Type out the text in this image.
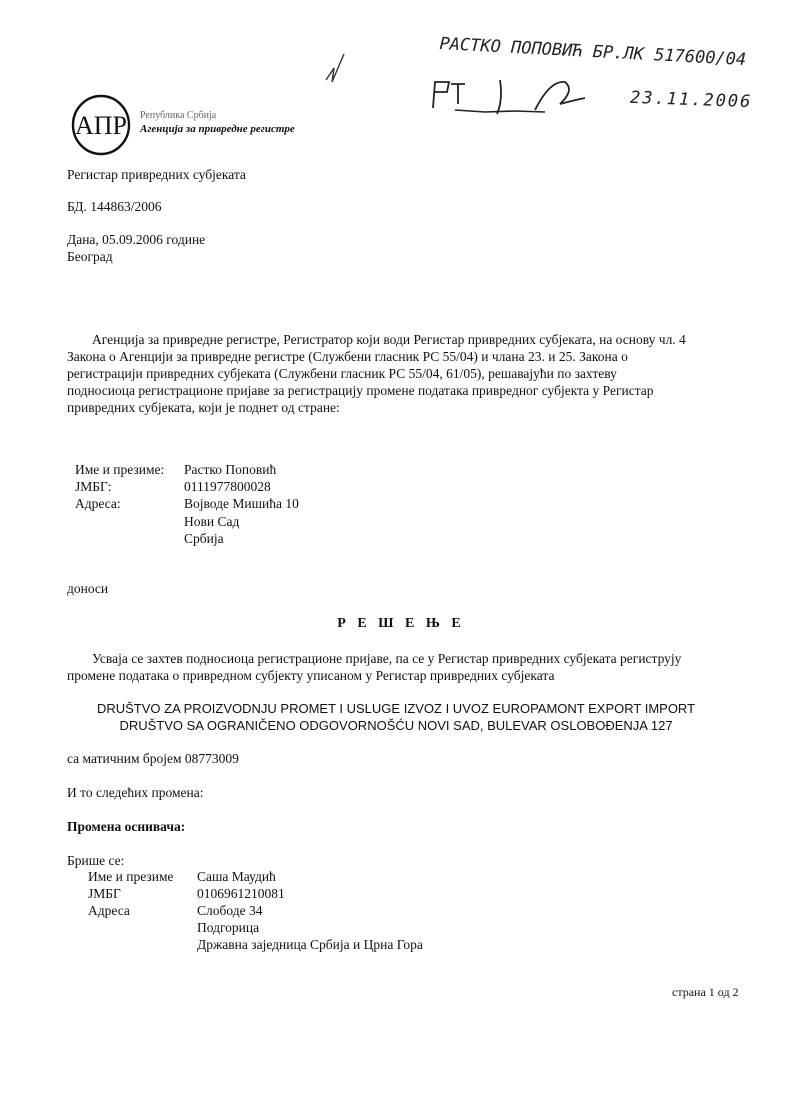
РАСТКО ПОПОВИЋ БР.ЛК 517600/04
23.11.2006
АПР Република Србија
Агенција за привредне регистре
Регистар привредних субјеката
БД. 144863/2006
Дана, 05.09.2006 године
Београд
Агенција за привредне регистре, Регистратор који води Регистар привредних субјеката, на основу чл. 4
Закона о Агенцији за привредне регистре (Службени гласник РС 55/04) и члана 23. и 25. Закона о
регистрацији привредних субјеката (Службени гласник РС 55/04, 61/05), решавајући по захтеву
подносиоца регистрационе пријаве за регистрацију промене података привредног субјекта у Регистар
привредних субјеката, који је поднет од стране:
Име и презиме: Растко Поповић
ЈМБГ:	0111977800028
Адреса:	Војводе Мишића 10
Нови Сад
Србија
доноси
Р Е Ш Е Њ Е
Усваја се захтев подносиоца регистрационе пријаве, па се у Регистар привредних субјеката региструју
промене података о привредном субјекту уписаном у Регистар привредних субјеката
DRUŠTVO ZA PROIZVODNJU PROMET I USLUGE IZVOZ I UVOZ EUROPAMONT EXPORT IMPORT
DRUŠTVO SA OGRANIČENO ODGOVORNOŠĆU NOVI SAD, BULEVAR OSLOBOĐENJA 127
са матичним бројем 08773009
И то следећих промена:
Промена оснивача:
Брише се:
Име и презиме Саша Маудић
ЈМБГ	0106961210081
Адреса	Слободе 34
Подгорица
Државна заједница Србија и Црна Гора
страна 1 од 2
